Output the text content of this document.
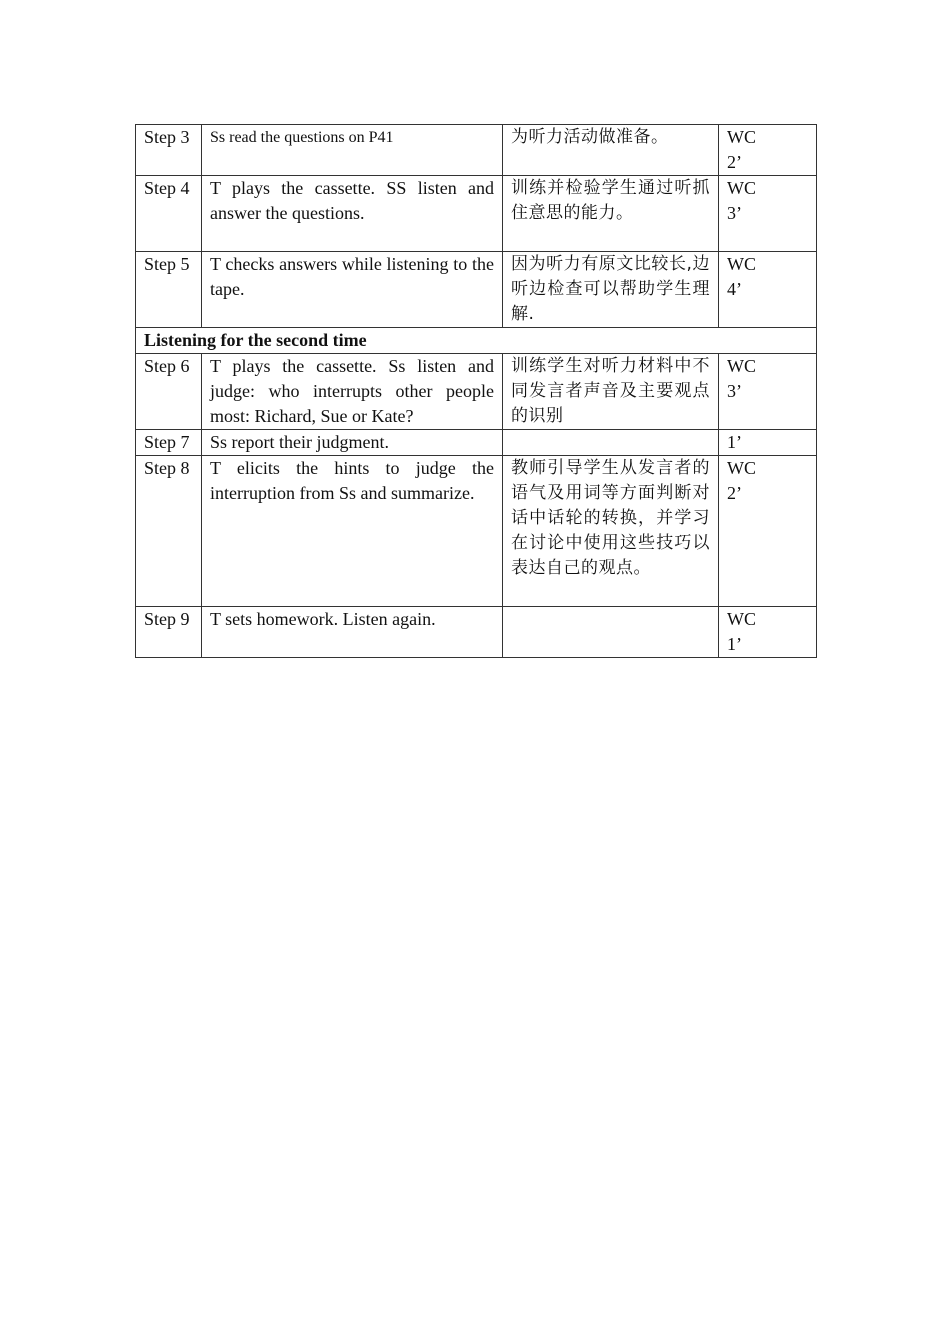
Step 3	Ss read the questions on P41	为听力活动做准备。	WC
2’

Step 4	T plays the cassette. SS listen and answer the questions.	训练并检验学生通过听抓住意思的能力。	WC
3’

Step 5	T checks answers while listening to the tape.	因为听力有原文比较长,边听边检查可以帮助学生理解.	WC
4’

Listening for the second time			
Step 6	T plays the cassette. Ss listen and judge: who interrupts other people most: Richard, Sue or Kate?	训练学生对听力材料中不同发言者声音及主要观点的识别	WC
3’

Step 7	Ss report their judgment.		1’

Step 8	T elicits the hints to judge the interruption from Ss and summarize.	教师引导学生从发言者的语气及用词等方面判断对话中话轮的转换，并学习在讨论中使用这些技巧以表达自己的观点。	WC
2’

Step 9	T sets homework. Listen again.		WC
1’
